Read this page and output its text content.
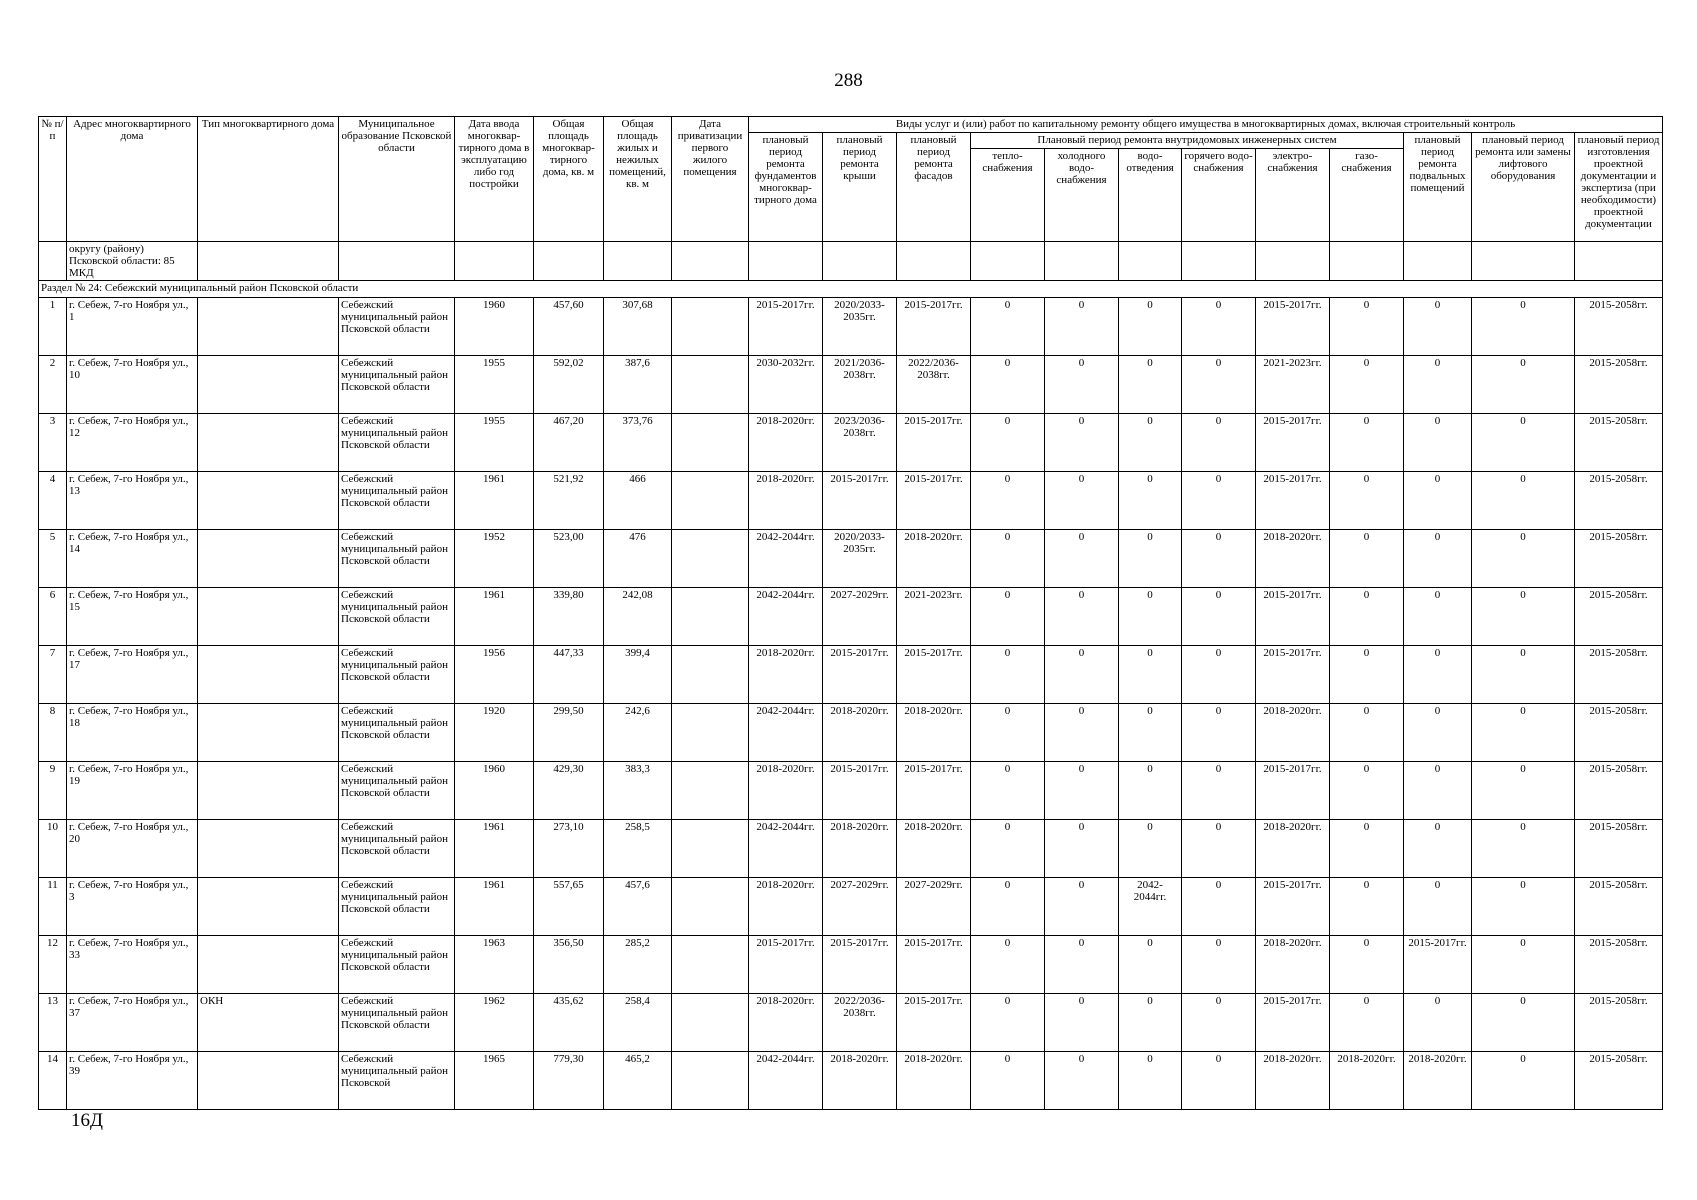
288
№ п/п	Адрес многоквартирного дома	Тип многоквартирного дома	Муниципальное образование Псковской области	Дата ввода многоквар-тирного дома в эксплуатацию либо год постройки	Общая площадь многоквар-тирного дома, кв. м	Общая площадь жилых и нежилых помещений, кв. м	Дата приватизации первого жилого помещения	Виды услуг и (или) работ по капитальному ремонту общего имущества в многоквартирных домах, включая строительный контроль											
								плановый период ремонта фундаментов многоквар-тирного дома	плановый период ремонта крыши	плановый период ремонта фасадов	Плановый период ремонта внутридомовых инженерных систем						плановый период ремонта подвальных помещений	плановый период ремонта или замены лифтового оборудования	плановый период изготовления проектной документации и экспертиза (при необходимости) проектной документации
											тепло-снабжения	холодного водо-снабжения	водо-отведения	горячего водо-снабжения	электро-снабжения	газо-снабжения			
	округу (району) Псковской области: 85 МКД																		
Раздел № 24: Себежский муниципальный район Псковской области																			
1	г. Себеж, 7-го Ноября ул., 1		Себежский муниципальный район Псковской области	1960	457,60	307,68		2015-2017гг.	2020/2033-2035гг.	2015-2017гг.	0	0	0	0	2015-2017гг.	0	0	0	2015-2058гг.
2	г. Себеж, 7-го Ноября ул., 10		Себежский муниципальный район Псковской области	1955	592,02	387,6		2030-2032гг.	2021/2036-2038гг.	2022/2036-2038гг.	0	0	0	0	2021-2023гг.	0	0	0	2015-2058гг.
3	г. Себеж, 7-го Ноября ул., 12		Себежский муниципальный район Псковской области	1955	467,20	373,76		2018-2020гг.	2023/2036-2038гг.	2015-2017гг.	0	0	0	0	2015-2017гг.	0	0	0	2015-2058гг.
4	г. Себеж, 7-го Ноября ул., 13		Себежский муниципальный район Псковской области	1961	521,92	466		2018-2020гг.	2015-2017гг.	2015-2017гг.	0	0	0	0	2015-2017гг.	0	0	0	2015-2058гг.
5	г. Себеж, 7-го Ноября ул., 14		Себежский муниципальный район Псковской области	1952	523,00	476		2042-2044гг.	2020/2033-2035гг.	2018-2020гг.	0	0	0	0	2018-2020гг.	0	0	0	2015-2058гг.
6	г. Себеж, 7-го Ноября ул., 15		Себежский муниципальный район Псковской области	1961	339,80	242,08		2042-2044гг.	2027-2029гг.	2021-2023гг.	0	0	0	0	2015-2017гг.	0	0	0	2015-2058гг.
7	г. Себеж, 7-го Ноября ул., 17		Себежский муниципальный район Псковской области	1956	447,33	399,4		2018-2020гг.	2015-2017гг.	2015-2017гг.	0	0	0	0	2015-2017гг.	0	0	0	2015-2058гг.
8	г. Себеж, 7-го Ноября ул., 18		Себежский муниципальный район Псковской области	1920	299,50	242,6		2042-2044гг.	2018-2020гг.	2018-2020гг.	0	0	0	0	2018-2020гг.	0	0	0	2015-2058гг.
9	г. Себеж, 7-го Ноября ул., 19		Себежский муниципальный район Псковской области	1960	429,30	383,3		2018-2020гг.	2015-2017гг.	2015-2017гг.	0	0	0	0	2015-2017гг.	0	0	0	2015-2058гг.
10	г. Себеж, 7-го Ноября ул., 20		Себежский муниципальный район Псковской области	1961	273,10	258,5		2042-2044гг.	2018-2020гг.	2018-2020гг.	0	0	0	0	2018-2020гг.	0	0	0	2015-2058гг.
11	г. Себеж, 7-го Ноября ул., 3		Себежский муниципальный район Псковской области	1961	557,65	457,6		2018-2020гг.	2027-2029гг.	2027-2029гг.	0	0	2042-2044гг.	0	2015-2017гг.	0	0	0	2015-2058гг.
12	г. Себеж, 7-го Ноября ул., 33		Себежский муниципальный район Псковской области	1963	356,50	285,2		2015-2017гг.	2015-2017гг.	2015-2017гг.	0	0	0	0	2018-2020гг.	0	2015-2017гг.	0	2015-2058гг.
13	г. Себеж, 7-го Ноября ул., 37	ОКН	Себежский муниципальный район Псковской области	1962	435,62	258,4		2018-2020гг.	2022/2036-2038гг.	2015-2017гг.	0	0	0	0	2015-2017гг.	0	0	0	2015-2058гг.
14	г. Себеж, 7-го Ноября ул., 39		Себежский муниципальный район Псковской	1965	779,30	465,2		2042-2044гг.	2018-2020гг.	2018-2020гг.	0	0	0	0	2018-2020гг.	2018-2020гг.	2018-2020гг.	0	2015-2058гг.
16Д
